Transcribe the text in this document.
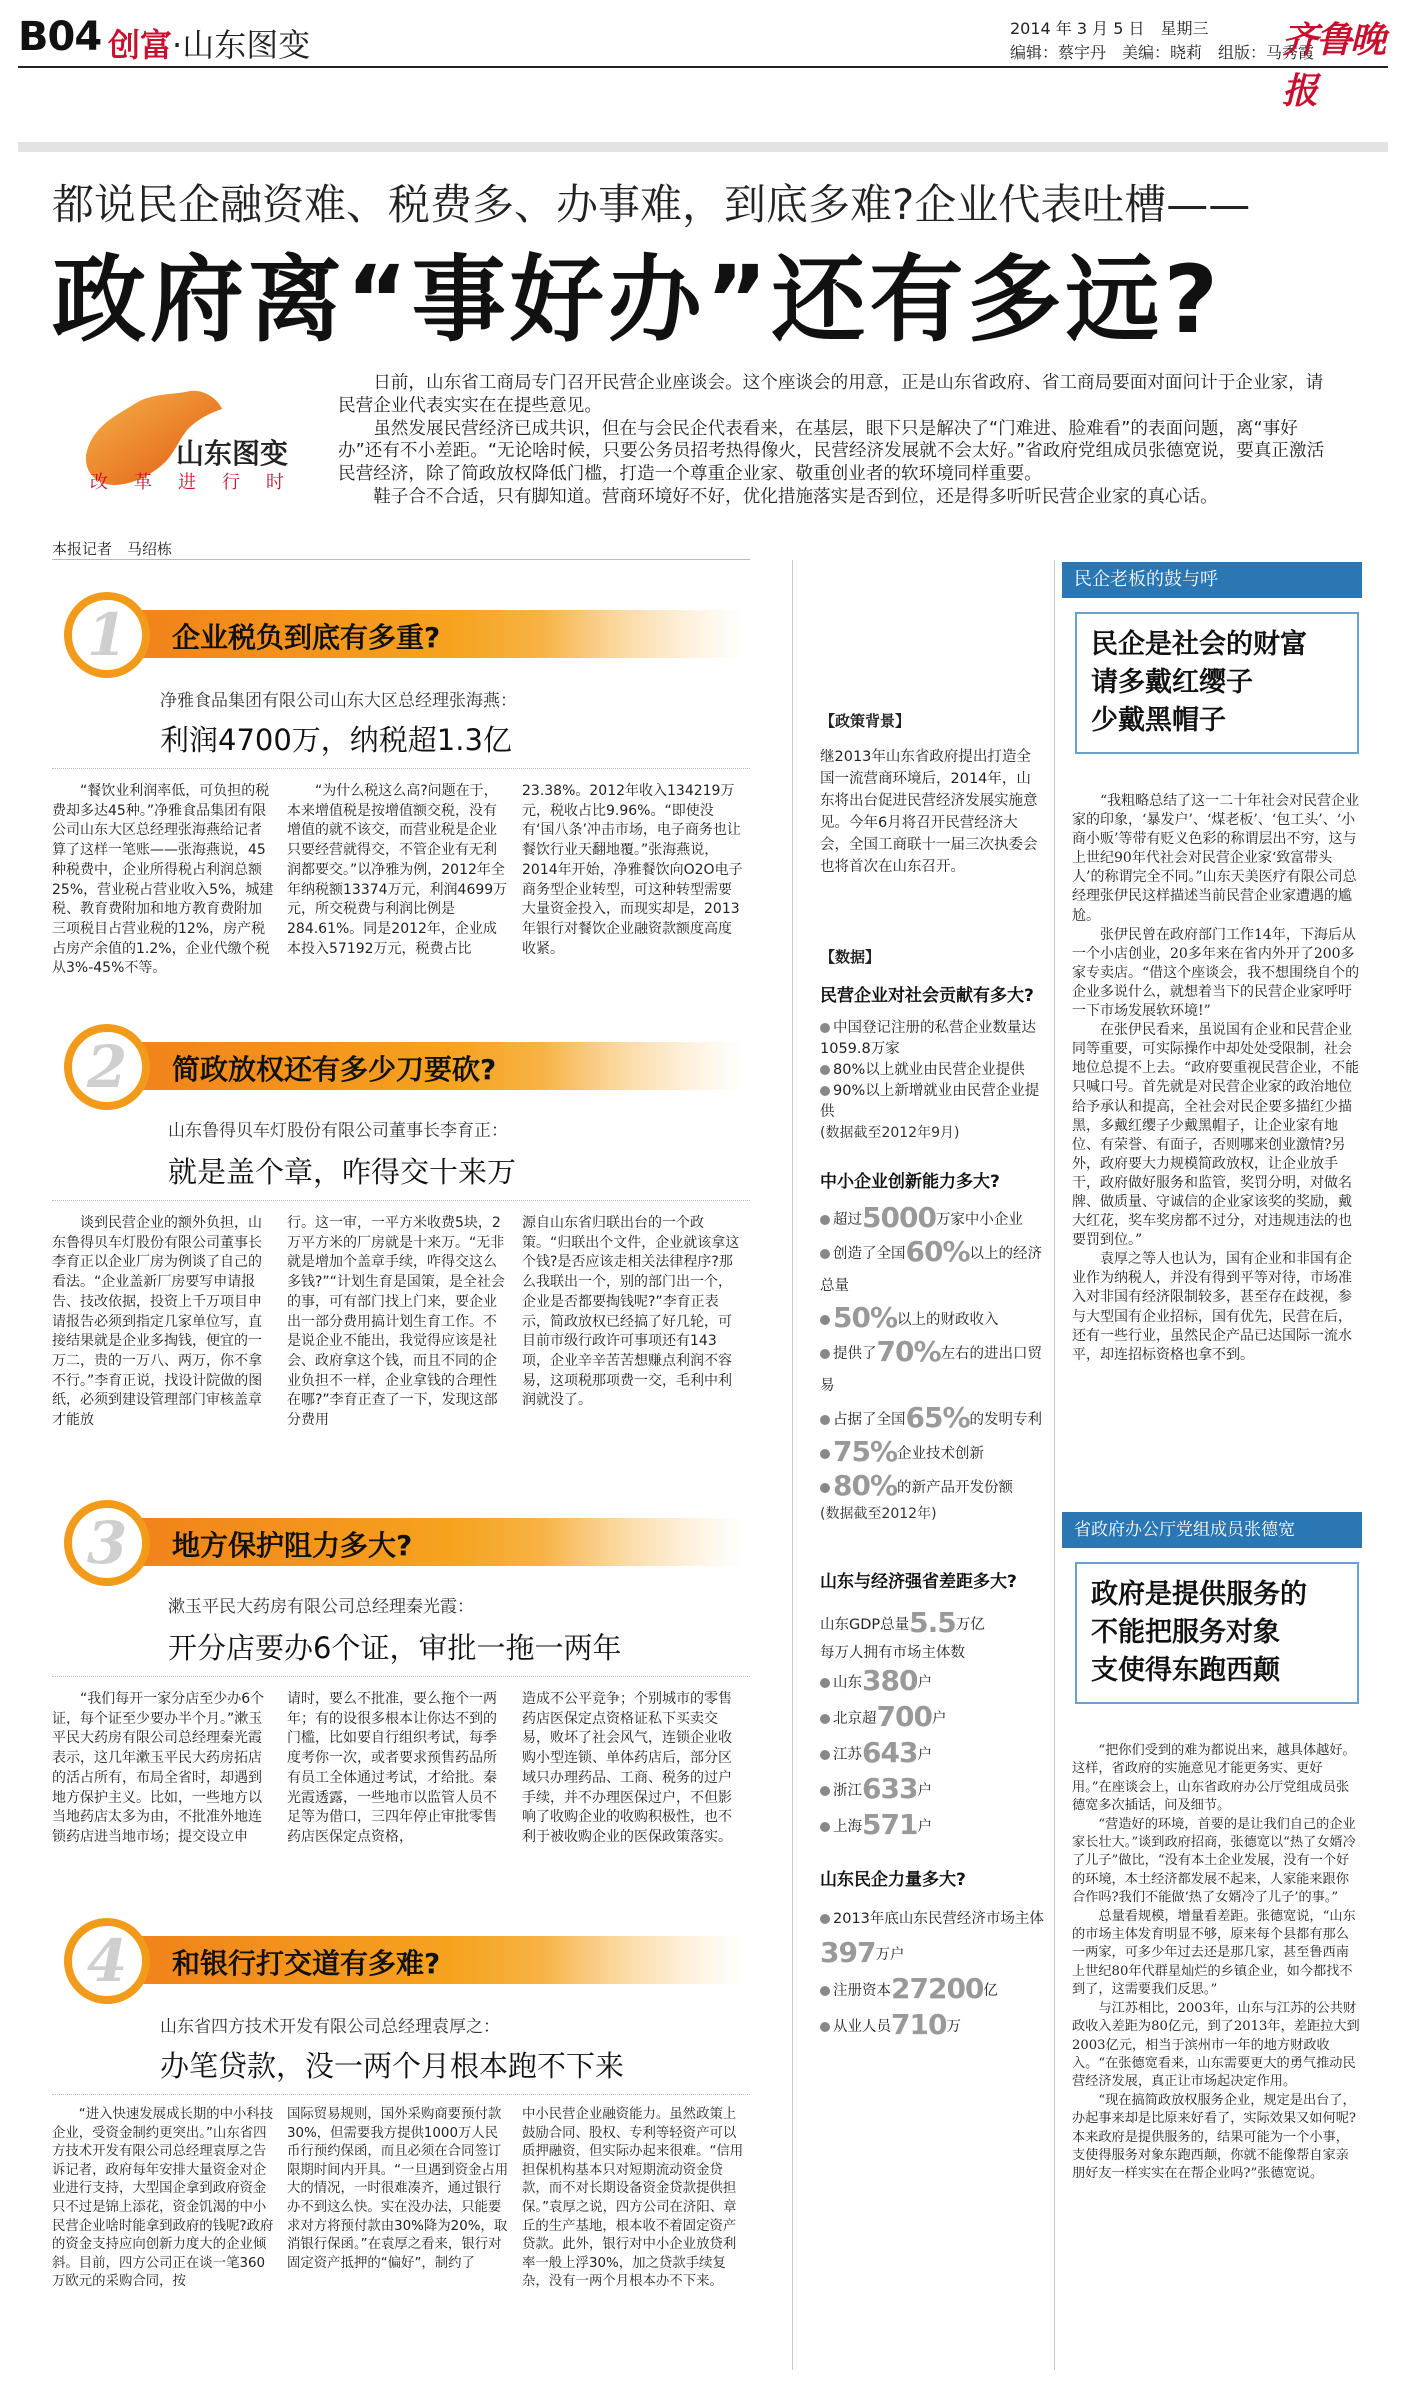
B04 创富·山东图变	2014 年 3 月 5 日　星期三
编辑：蔡宇丹　美编：晓莉　组版：马秀霞
齐鲁晚报
都说民企融资难、税费多、办事难，到底多难?企业代表吐槽——
政府离“事好办”还有多远?
山东图变
改革进行时

日前，山东省工商局专门召开民营企业座谈会。这个座谈会的用意，正是山东省政府、省工商局要面对面问计于企业家，请民营企业代表实实在在提些意见。

虽然发展民营经济已成共识，但在与会民企代表看来，在基层，眼下只是解决了“门难进、脸难看”的表面问题，离“事好办”还有不小差距。“无论啥时候，只要公务员招考热得像火，民营经济发展就不会太好。”省政府党组成员张德宽说，要真正激活民营经济，除了简政放权降低门槛，打造一个尊重企业家、敬重创业者的软环境同样重要。

鞋子合不合适，只有脚知道。营商环境好不好，优化措施落实是否到位，还是得多听听民营企业家的真心话。

本报记者　马绍栋
1	企业税负到底有多重?
净雅食品集团有限公司山东大区总经理张海燕：
利润4700万，纳税超1.3亿

“餐饮业利润率低，可负担的税费却多达45种。”净雅食品集团有限公司山东大区总经理张海燕给记者算了这样一笔账——张海燕说，45种税费中，企业所得税占利润总额25%，营业税占营业收入5%，城建税、教育费附加和地方教育费附加三项税目占营业税的12%，房产税占房产余值的1.2%，企业代缴个税从3%-45%不等。

“为什么税这么高?问题在于，本来增值税是按增值额交税，没有增值的就不该交，而营业税是企业只要经营就得交，不管企业有无利润都要交。”以净雅为例，2012年全年纳税额13374万元，利润4699万元，所交税费与利润比例是284.61%。同是2012年，企业成本投入57192万元，税费占比

23.38%。2012年收入134219万元，税收占比9.96%。“即使没有‘国八条’冲击市场，电子商务也让餐饮行业天翻地覆。”张海燕说，2014年开始，净雅餐饮向O2O电子商务型企业转型，可这种转型需要大量资金投入，而现实却是，2013年银行对餐饮企业融资款额度高度收紧。

2	简政放权还有多少刀要砍?
山东鲁得贝车灯股份有限公司董事长李育正：
就是盖个章，咋得交十来万

谈到民营企业的额外负担，山东鲁得贝车灯股份有限公司董事长李育正以企业厂房为例谈了自己的看法。“企业盖新厂房要写申请报告、技改依据，投资上千万项目申请报告必须到指定几家单位写，直接结果就是企业多掏钱，便宜的一万二，贵的一万八、两万，你不拿不行。”李育正说，找设计院做的图纸，必须到建设管理部门审核盖章才能放

行。这一审，一平方米收费5块，2万平方米的厂房就是十来万。“无非就是增加个盖章手续，咋得交这么多钱?”“计划生育是国策，是全社会的事，可有部门找上门来，要企业出一部分费用搞计划生育工作。不是说企业不能出，我觉得应该是社会、政府拿这个钱，而且不同的企业负担不一样，企业拿钱的合理性在哪?”李育正查了一下，发现这部分费用

源自山东省归联出台的一个政策。“归联出个文件，企业就该拿这个钱?是否应该走相关法律程序?那么我联出一个，别的部门出一个，企业是否都要掏钱呢?”李育正表示，简政放权已经搞了好几轮，可目前市级行政许可事项还有143项，企业辛辛苦苦想赚点利润不容易，这项税那项费一交，毛利中利润就没了。

3	地方保护阻力多大?
漱玉平民大药房有限公司总经理秦光霞：
开分店要办6个证，审批一拖一两年

“我们每开一家分店至少办6个证，每个证至少要办半个月。”漱玉平民大药房有限公司总经理秦光霞表示，这几年漱玉平民大药房拓店的活占所有，布局全省时，却遇到地方保护主义。比如，一些地方以当地药店太多为由，不批准外地连锁药店进当地市场；提交设立申

请时，要么不批准，要么拖个一两年；有的设很多根本让你达不到的门槛，比如要自行组织考试，每季度考你一次，或者要求预售药品所有员工全体通过考试，才给批。秦光霞透露，一些地市以监管人员不足等为借口，三四年停止审批零售药店医保定点资格，

造成不公平竞争；个别城市的零售药店医保定点资格证私下买卖交易，败坏了社会风气，连锁企业收购小型连锁、单体药店后，部分区域只办理药品、工商、税务的过户手续，并不办理医保过户，不但影响了收购企业的收购积极性，也不利于被收购企业的医保政策落实。

4	和银行打交道有多难?
山东省四方技术开发有限公司总经理袁厚之：
办笔贷款，没一两个月根本跑不下来

“进入快速发展成长期的中小科技企业，受资金制约更突出。”山东省四方技术开发有限公司总经理袁厚之告诉记者，政府每年安排大量资金对企业进行支持，大型国企拿到政府资金只不过是锦上添花，资金饥渴的中小民营企业啥时能拿到政府的钱呢?政府的资金支持应向创新力度大的企业倾斜。目前，四方公司正在谈一笔360万欧元的采购合同，按

国际贸易规则，国外采购商要预付款30%，但需要我方提供1000万人民币行预约保函，而且必须在合同签订限期时间内开具。“一旦遇到资金占用大的情况，一时很难凑齐，通过银行办不到这么快。实在没办法，只能要求对方将预付款由30%降为20%，取消银行保函。”在袁厚之看来，银行对固定资产抵押的“偏好”，制约了

中小民营企业融资能力。虽然政策上鼓励合同、股权、专利等轻资产可以质押融资，但实际办起来很难。“信用担保机构基本只对短期流动资金贷款，而不对长期设备资金贷款提供担保。”袁厚之说，四方公司在济阳、章丘的生产基地，根本收不着固定资产贷款。此外，银行对中小企业放贷利率一般上浮30%，加之贷款手续复杂，没有一两个月根本办不下来。

【政策背景】
继2013年山东省政府提出打造全国一流营商环境后，2014年，山东将出台促进民营经济发展实施意见。今年6月将召开民营经济大会，全国工商联十一届三次执委会也将首次在山东召开。
【数据】
民营企业对社会贡献有多大?
中国登记注册的私营企业数量达1059.8万家
80%以上就业由民营企业提供
90%以上新增就业由民营企业提供
(数据截至2012年9月)
中小企业创新能力多大?
超过5000万家中小企业
创造了全国60%以上的经济总量
50%以上的财政收入
提供了70%左右的进出口贸易
占据了全国65%的发明专利
75%企业技术创新
80%的新产品开发份额
(数据截至2012年)
山东与经济强省差距多大?
山东GDP总量5.5万亿
每万人拥有市场主体数
山东380户
北京超700户
江苏643户
浙江633户
上海571户
山东民企力量多大?
2013年底山东民营经济市场主体397万户
注册资本27200亿
从业人员710万
民企老板的鼓与呼
民企是社会的财富
请多戴红缨子
少戴黑帽子

“我粗略总结了这一二十年社会对民营企业家的印象，‘暴发户’、‘煤老板’、‘包工头’、‘小商小贩’等带有贬义色彩的称谓层出不穷，这与上世纪90年代社会对民营企业家‘致富带头人’的称谓完全不同。”山东天美医疗有限公司总经理张伊民这样描述当前民营企业家遭遇的尴尬。

张伊民曾在政府部门工作14年，下海后从一个小店创业，20多年来在省内外开了200多家专卖店。“借这个座谈会，我不想围绕自个的企业多说什么，就想着当下的民营企业家呼吁一下市场发展软环境!”

在张伊民看来，虽说国有企业和民营企业同等重要，可实际操作中却处处受限制，社会地位总提不上去。“政府要重视民营企业，不能只喊口号。首先就是对民营企业家的政治地位给予承认和提高，全社会对民企要多描红少描黑，多戴红缨子少戴黑帽子，让企业家有地位、有荣誉、有面子，否则哪来创业激情?另外，政府要大力规模简政放权，让企业放手干，政府做好服务和监管，奖罚分明，对做名牌、做质量、守诚信的企业家该奖的奖励，戴大红花，奖车奖房都不过分，对违规违法的也要罚到位。”

袁厚之等人也认为，国有企业和非国有企业作为纳税人，并没有得到平等对待，市场准入对非国有经济限制较多，甚至存在歧视，参与大型国有企业招标，国有优先，民营在后，还有一些行业，虽然民企产品已达国际一流水平，却连招标资格也拿不到。

省政府办公厅党组成员张德宽
政府是提供服务的
不能把服务对象
支使得东跑西颠

“把你们受到的难为都说出来，越具体越好。这样，省政府的实施意见才能更务实、更好用。”在座谈会上，山东省政府办公厅党组成员张德宽多次插话，问及细节。

“营造好的环境，首要的是让我们自己的企业家长壮大。”谈到政府招商，张德宽以“热了女婿冷了儿子”做比，“没有本土企业发展，没有一个好的环境，本土经济都发展不起来，人家能来跟你合作吗?我们不能做‘热了女婿冷了儿子’的事。”

总量看规模，增量看差距。张德宽说，“山东的市场主体发育明显不够，原来每个县都有那么一两家，可多少年过去还是那几家，甚至鲁西南上世纪80年代群星灿烂的乡镇企业，如今都找不到了，这需要我们反思。”

与江苏相比，2003年，山东与江苏的公共财政收入差距为80亿元，到了2013年，差距拉大到2003亿元，相当于滨州市一年的地方财政收入。“在张德宽看来，山东需要更大的勇气推动民营经济发展，真正让市场起决定作用。

“现在搞简政放权服务企业，规定是出台了，办起事来却是比原来好看了，实际效果又如何呢?本来政府是提供服务的，结果可能为一个小事，支使得服务对象东跑西颠，你就不能像帮自家亲朋好友一样实实在在帮企业吗?”张德宽说。
